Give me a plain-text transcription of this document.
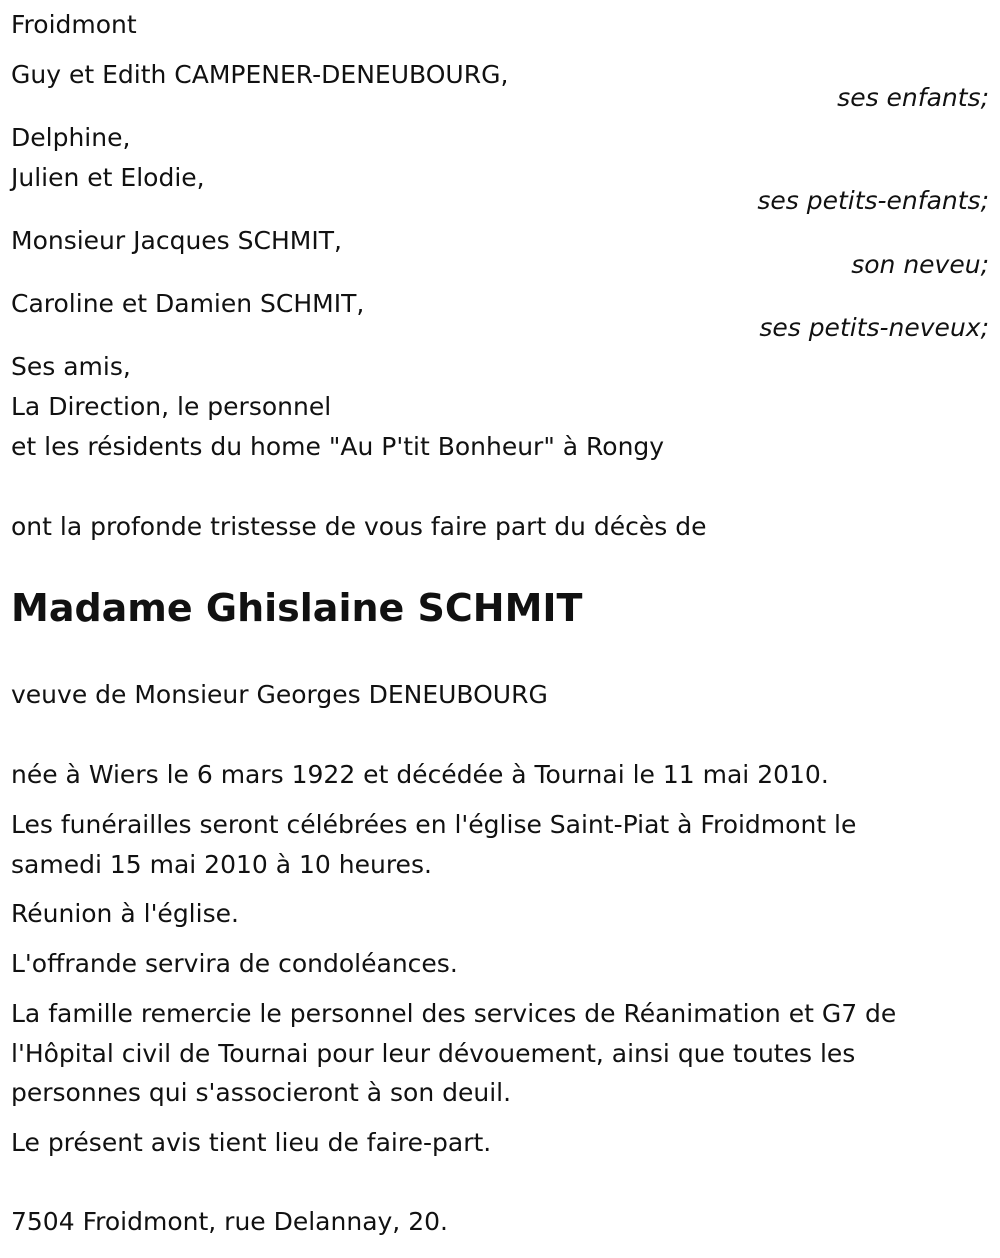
Froidmont
Guy et Edith CAMPENER-DENEUBOURG,
ses enfants;
Delphine,
Julien et Elodie,
ses petits-enfants;
Monsieur Jacques SCHMIT,
son neveu;
Caroline et Damien SCHMIT,
ses petits-neveux;
Ses amis,
La Direction, le personnel
et les résidents du home "Au P'tit Bonheur" à Rongy
ont la profonde tristesse de vous faire part du décès de
Madame Ghislaine SCHMIT
veuve de Monsieur Georges DENEUBOURG
née à Wiers le 6 mars 1922 et décédée à Tournai le 11 mai 2010.
Les funérailles seront célébrées en l'église Saint-Piat à Froidmont le
samedi 15 mai 2010 à 10 heures.
Réunion à l'église.
L'offrande servira de condoléances.
La famille remercie le personnel des services de Réanimation et G7 de
l'Hôpital civil de Tournai pour leur dévouement, ainsi que toutes les
personnes qui s'associeront à son deuil.
Le présent avis tient lieu de faire-part.
7504 Froidmont, rue Delannay, 20.
